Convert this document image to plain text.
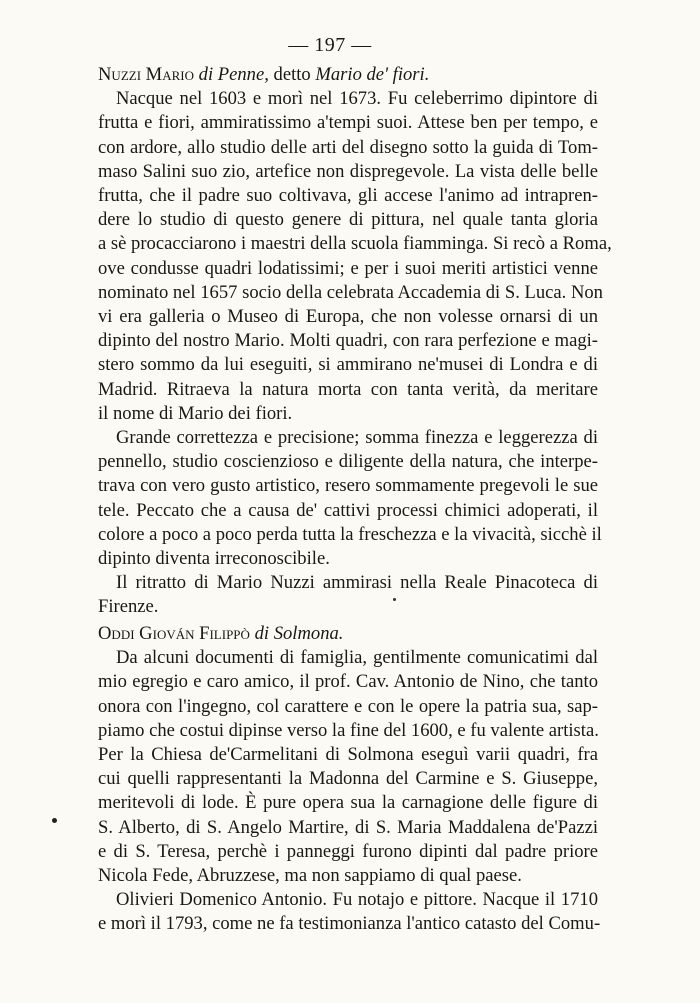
— 197 —
Nuzzi Mario di Penne, detto Mario de' fiori.
Nacque nel 1603 e morì nel 1673. Fu celeberrimo dipintore di
frutta e fiori, ammiratissimo a'tempi suoi. Attese ben per tempo, e
con ardore, allo studio delle arti del disegno sotto la guida di Tom-
maso Salini suo zio, artefice non dispregevole. La vista delle belle
frutta, che il padre suo coltivava, gli accese l'animo ad intrapren-
dere lo studio di questo genere di pittura, nel quale tanta gloria
a sè procacciarono i maestri della scuola fiamminga. Si recò a Roma,
ove condusse quadri lodatissimi; e per i suoi meriti artistici venne
nominato nel 1657 socio della celebrata Accademia di S. Luca. Non
vi era galleria o Museo di Europa, che non volesse ornarsi di un
dipinto del nostro Mario. Molti quadri, con rara perfezione e magi-
stero sommo da lui eseguiti, si ammirano ne'musei di Londra e di
Madrid. Ritraeva la natura morta con tanta verità, da meritare
il nome di Mario dei fiori.
Grande correttezza e precisione; somma finezza e leggerezza di
pennello, studio coscienzioso e diligente della natura, che interpe-
trava con vero gusto artistico, resero sommamente pregevoli le sue
tele. Peccato che a causa de' cattivi processi chimici adoperati, il
colore a poco a poco perda tutta la freschezza e la vivacità, sicchè il
dipinto diventa irreconoscibile.
Il ritratto di Mario Nuzzi ammirasi nella Reale Pinacoteca di
Firenze.
Oddi Giován Filippò di Solmona.
Da alcuni documenti di famiglia, gentilmente comunicatimi dal
mio egregio e caro amico, il prof. Cav. Antonio de Nino, che tanto
onora con l'ingegno, col carattere e con le opere la patria sua, sap-
piamo che costui dipinse verso la fine del 1600, e fu valente artista.
Per la Chiesa de'Carmelitani di Solmona eseguì varii quadri, fra
cui quelli rappresentanti la Madonna del Carmine e S. Giuseppe,
meritevoli di lode. È pure opera sua la carnagione delle figure di
S. Alberto, di S. Angelo Martire, di S. Maria Maddalena de'Pazzi
e di S. Teresa, perchè i panneggi furono dipinti dal padre priore
Nicola Fede, Abruzzese, ma non sappiamo di qual paese.
Olivieri Domenico Antonio. Fu notajo e pittore. Nacque il 1710
e morì il 1793, come ne fa testimonianza l'antico catasto del Comu-
